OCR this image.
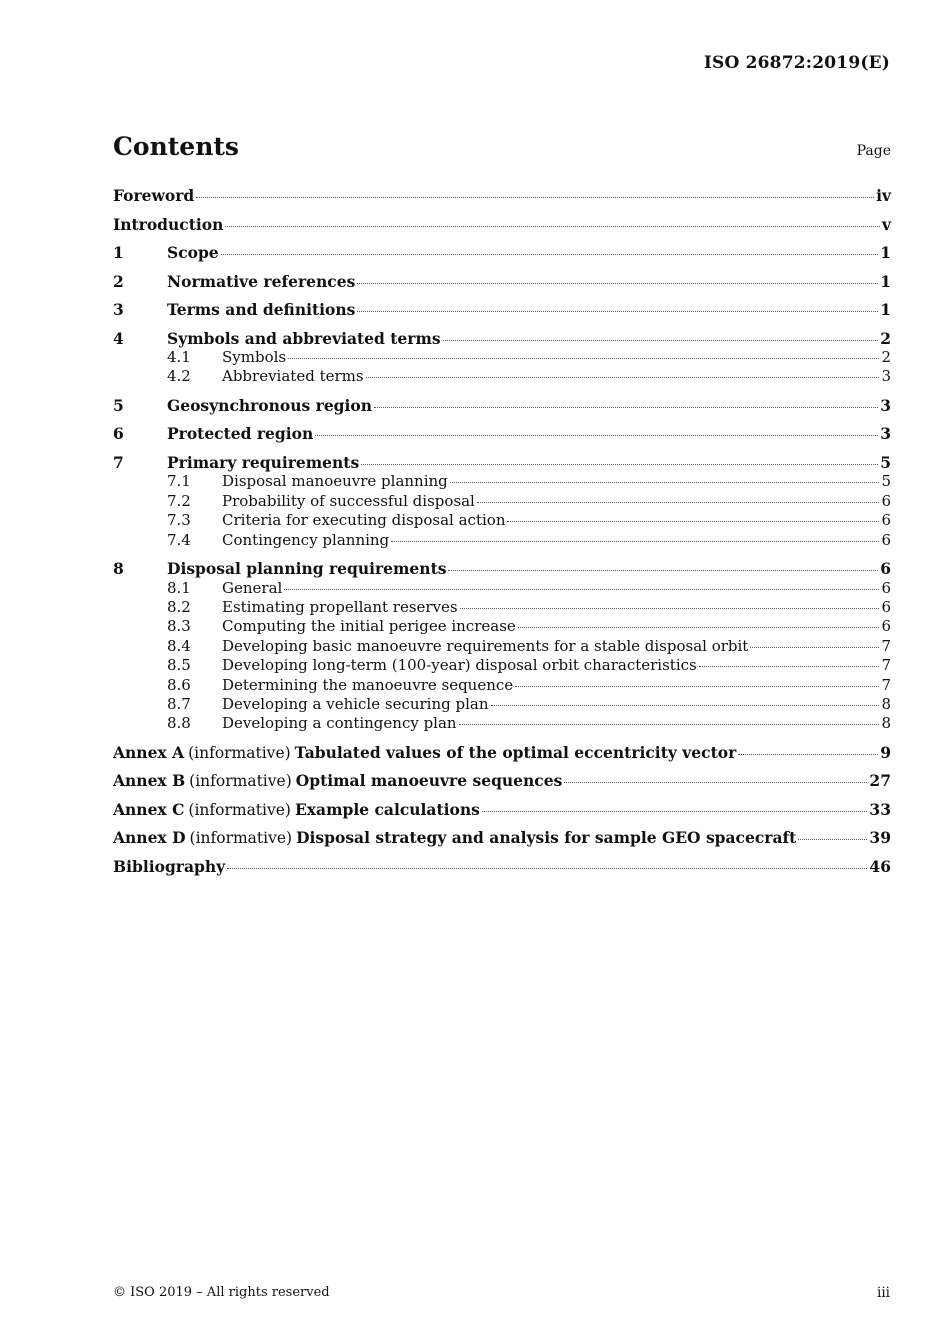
ISO 26872:2019(E)
Contents	Page
Foreword	iv
Introduction	v
1	Scope	1
2	Normative references	1
3	Terms and definitions	1
4	Symbols and abbreviated terms	2
4.1	Symbols	2
4.2	Abbreviated terms	3
5	Geosynchronous region	3
6	Protected region	3
7	Primary requirements	5
7.1	Disposal manoeuvre planning	5
7.2	Probability of successful disposal	6
7.3	Criteria for executing disposal action	6
7.4	Contingency planning	6
8	Disposal planning requirements	6
8.1	General	6
8.2	Estimating propellant reserves	6
8.3	Computing the initial perigee increase	6
8.4	Developing basic manoeuvre requirements for a stable disposal orbit	7
8.5	Developing long-term (100-year) disposal orbit characteristics	7
8.6	Determining the manoeuvre sequence	7
8.7	Developing a vehicle securing plan	8
8.8	Developing a contingency plan	8
Annex A (informative) Tabulated values of the optimal eccentricity vector	9
Annex B (informative) Optimal manoeuvre sequences	27
Annex C (informative) Example calculations	33
Annex D (informative) Disposal strategy and analysis for sample GEO spacecraft	39
Bibliography	46
© ISO 2019 – All rights reserved	iii
